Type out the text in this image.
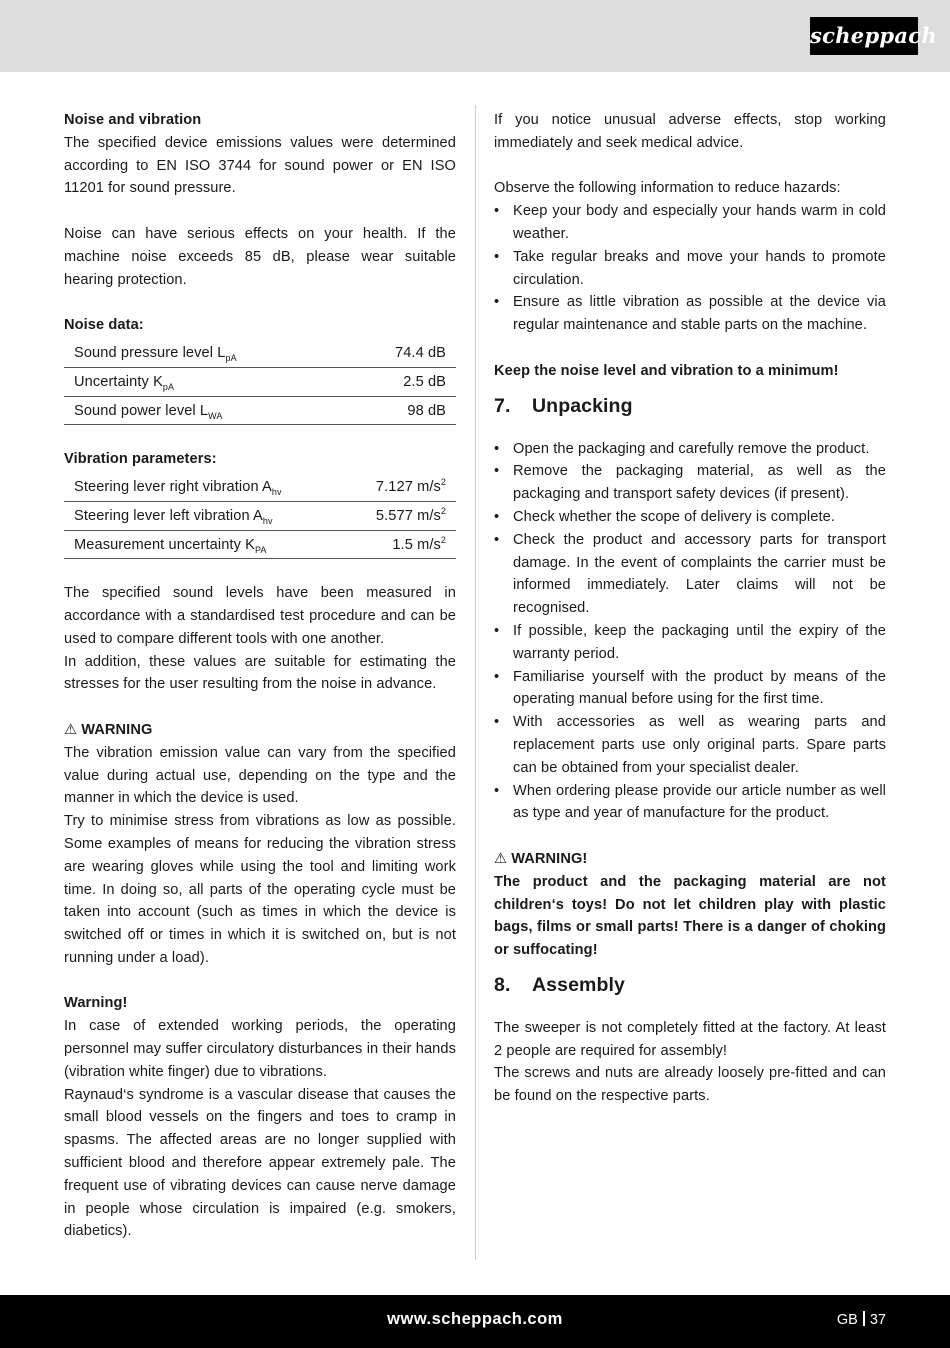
scheppach

Noise and vibration

The specified device emissions values were determined according to EN ISO 3744 for sound power or EN ISO 11201 for sound pressure.

Noise can have serious effects on your health. If the machine noise exceeds 85 dB, please wear suitable hearing protection.

Noise data:

Sound pressure level $L_{pA}$	74.4 dB
Uncertainty $K_{pA}$	2.5 dB
Sound power level $L_{WA}$	98 dB

Vibration parameters:

Steering lever right vibration $A_{hv}$	7.127 $m/s^2$
Steering lever left vibration $A_{hv}$	5.577 $m/s^2$
Measurement uncertainty $K_{PA}$	1.5 $m/s^2$

The specified sound levels have been measured in accordance with a standardised test procedure and can be used to compare different tools with one another.

In addition, these values are suitable for estimating the stresses for the user resulting from the noise in advance.

⚠ WARNING

The vibration emission value can vary from the specified value during actual use, depending on the type and the manner in which the device is used.

Try to minimise stress from vibrations as low as possible. Some examples of means for reducing the vibration stress are wearing gloves while using the tool and limiting work time. In doing so, all parts of the operating cycle must be taken into account (such as times in which the device is switched off or times in which it is switched on, but is not running under a load).

Warning!

In case of extended working periods, the operating personnel may suffer circulatory disturbances in their hands (vibration white finger) due to vibrations.

Raynaud‘s syndrome is a vascular disease that causes the small blood vessels on the fingers and toes to cramp in spasms. The affected areas are no longer supplied with sufficient blood and therefore appear extremely pale. The frequent use of vibrating devices can cause nerve damage in people whose circulation is impaired (e.g. smokers, diabetics).

If you notice unusual adverse effects, stop working immediately and seek medical advice.

Observe the following information to reduce hazards:

• Keep your body and especially your hands warm in cold weather.
• Take regular breaks and move your hands to promote circulation.
• Ensure as little vibration as possible at the device via regular maintenance and stable parts on the machine.

Keep the noise level and vibration to a minimum!

7. Unpacking
• Open the packaging and carefully remove the product.
• Remove the packaging material, as well as the packaging and transport safety devices (if present).
• Check whether the scope of delivery is complete.
• Check the product and accessory parts for transport damage. In the event of complaints the carrier must be informed immediately. Later claims will not be recognised.
• If possible, keep the packaging until the expiry of the warranty period.
• Familiarise yourself with the product by means of the operating manual before using for the first time.
• With accessories as well as wearing parts and replacement parts use only original parts. Spare parts can be obtained from your specialist dealer.
• When ordering please provide our article number as well as type and year of manufacture for the product.

⚠ WARNING!

The product and the packaging material are not children‘s toys! Do not let children play with plastic bags, films or small parts! There is a danger of choking or suffocating!

8. Assembly

The sweeper is not completely fitted at the factory. At least 2 people are required for assembly!

The screws and nuts are already loosely pre-fitted and can be found on the respective parts.

www.scheppach.com	GB 37
